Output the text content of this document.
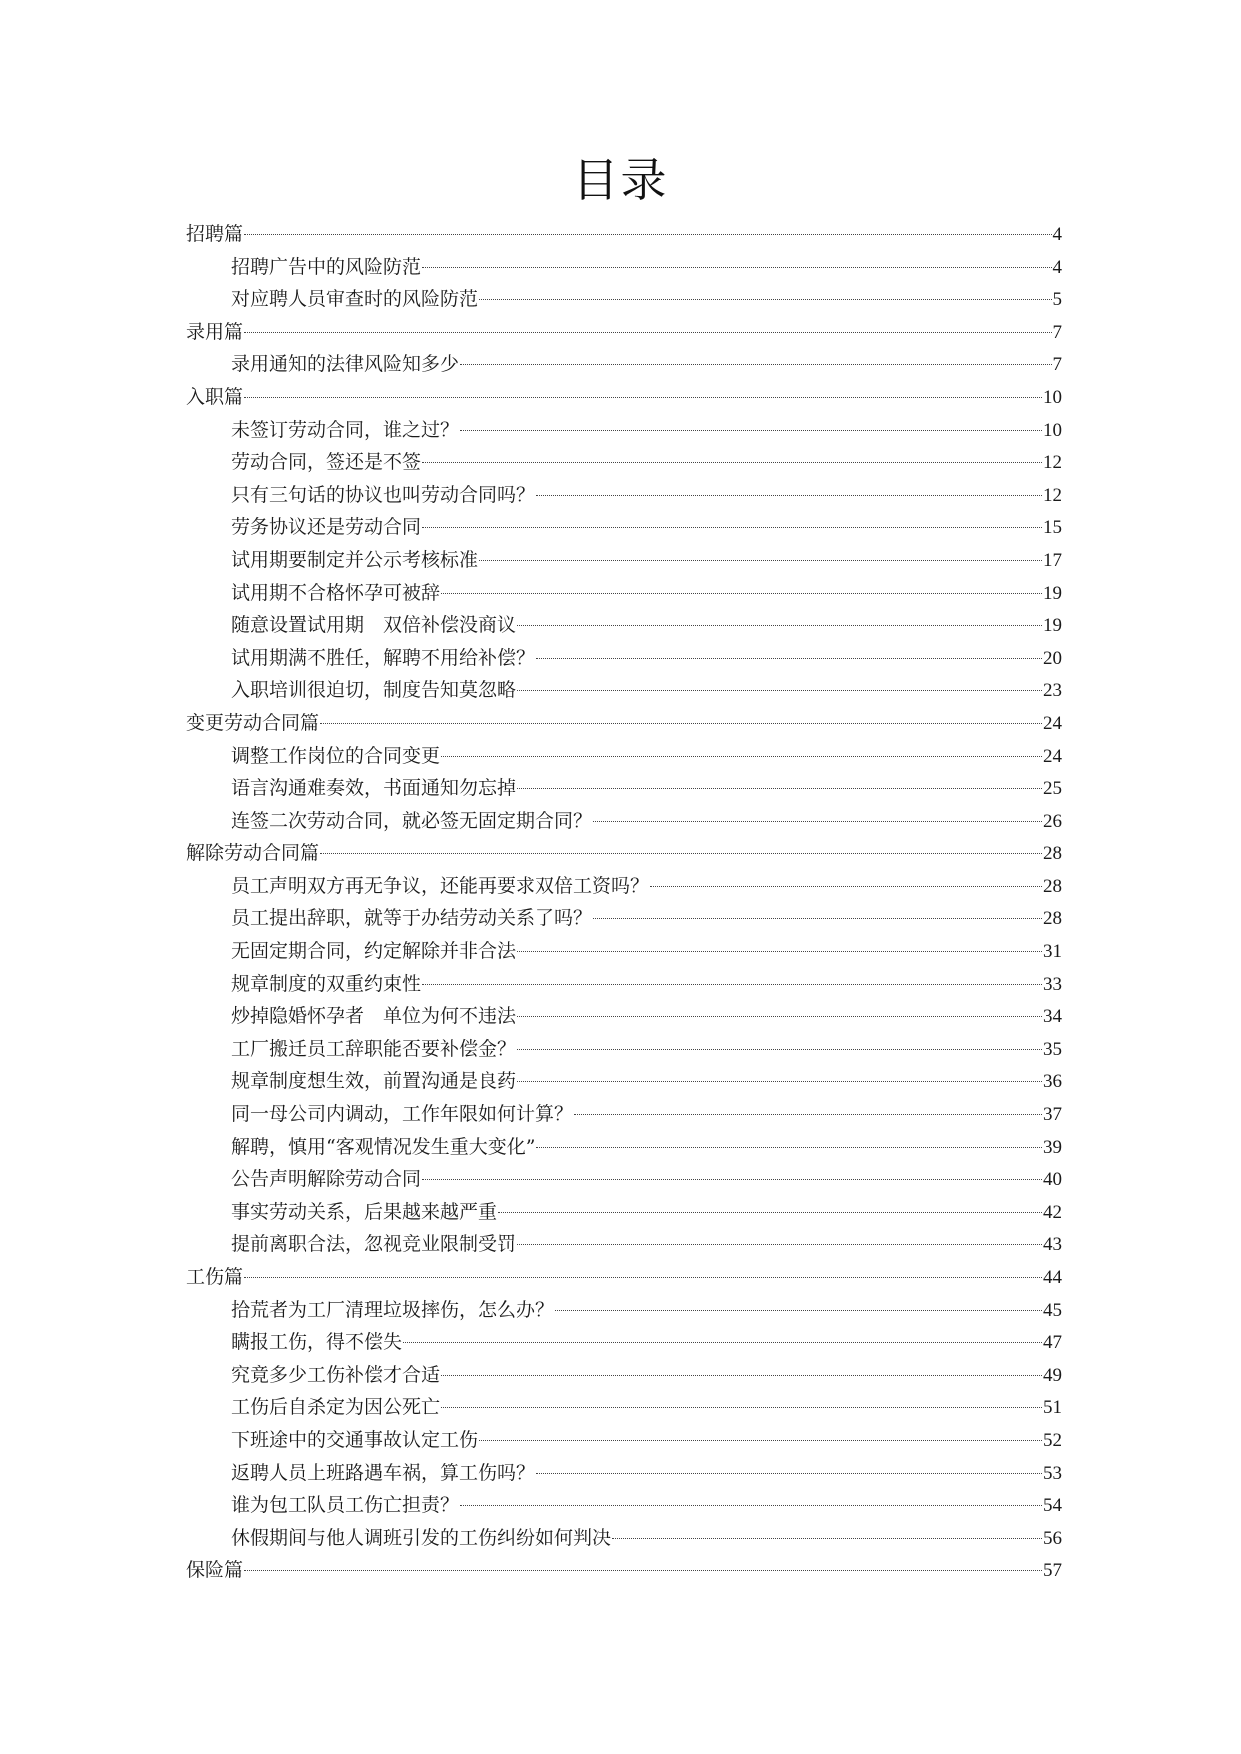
目录
招聘篇	4
招聘广告中的风险防范	4
对应聘人员审查时的风险防范	5
录用篇	7
录用通知的法律风险知多少	7
入职篇	10
未签订劳动合同，谁之过？	10
劳动合同，签还是不签	12
只有三句话的协议也叫劳动合同吗？	12
劳务协议还是劳动合同	15
试用期要制定并公示考核标准	17
试用期不合格怀孕可被辞	19
随意设置试用期　双倍补偿没商议	19
试用期满不胜任，解聘不用给补偿？	20
入职培训很迫切，制度告知莫忽略	23
变更劳动合同篇	24
调整工作岗位的合同变更	24
语言沟通难奏效，书面通知勿忘掉	25
连签二次劳动合同，就必签无固定期合同？	26
解除劳动合同篇	28
员工声明双方再无争议，还能再要求双倍工资吗？	28
员工提出辞职，就等于办结劳动关系了吗？	28
无固定期合同，约定解除并非合法	31
规章制度的双重约束性	33
炒掉隐婚怀孕者　单位为何不违法	34
工厂搬迁员工辞职能否要补偿金？	35
规章制度想生效，前置沟通是良药	36
同一母公司内调动，工作年限如何计算？	37
解聘，慎用“客观情况发生重大变化”	39
公告声明解除劳动合同	40
事实劳动关系，后果越来越严重	42
提前离职合法，忽视竞业限制受罚	43
工伤篇	44
拾荒者为工厂清理垃圾摔伤，怎么办？	45
瞒报工伤，得不偿失	47
究竟多少工伤补偿才合适	49
工伤后自杀定为因公死亡	51
下班途中的交通事故认定工伤	52
返聘人员上班路遇车祸，算工伤吗？	53
谁为包工队员工伤亡担责？	54
休假期间与他人调班引发的工伤纠纷如何判决	56
保险篇	57
